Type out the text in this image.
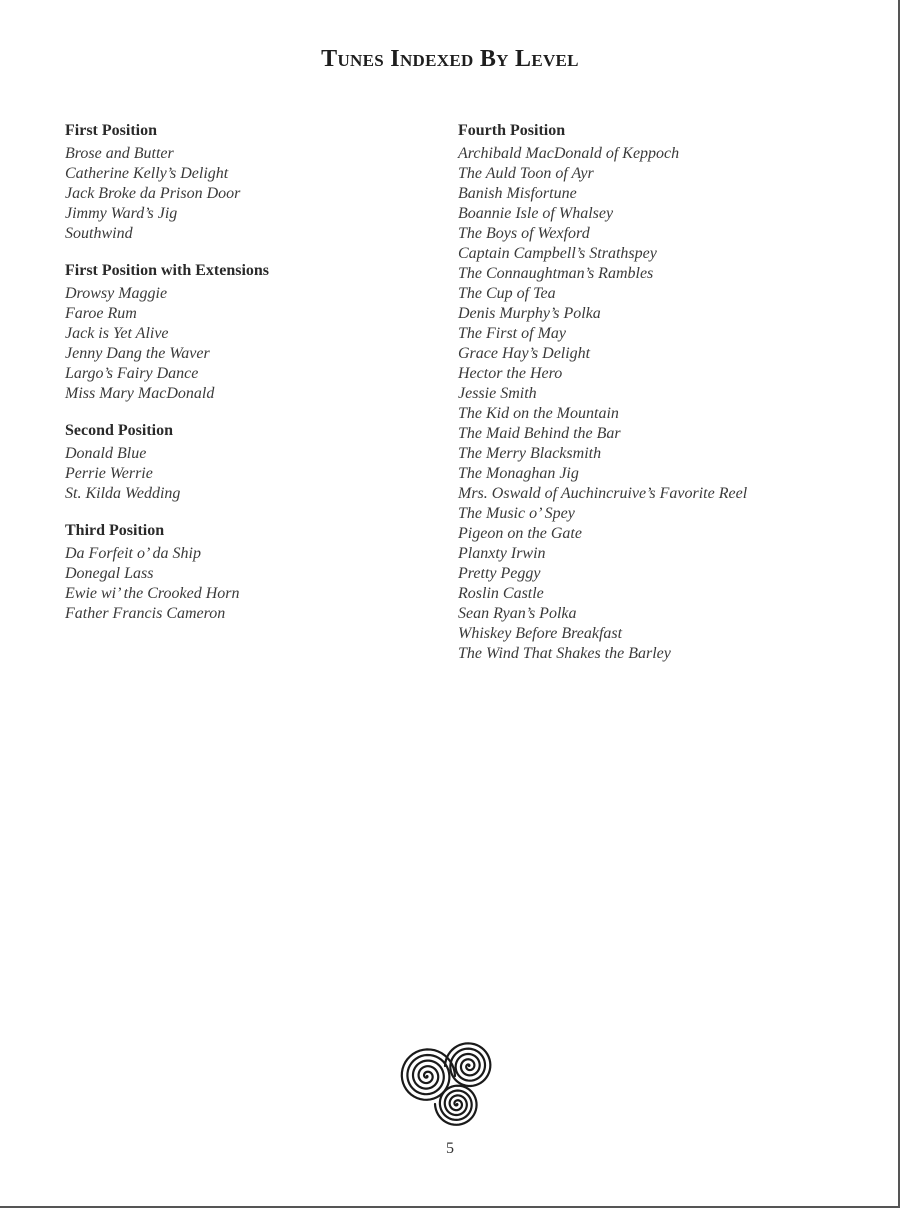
Tunes Indexed By Level
First Position
Brose and Butter
Catherine Kelly’s Delight
Jack Broke da Prison Door
Jimmy Ward’s Jig
Southwind
First Position with Extensions
Drowsy Maggie
Faroe Rum
Jack is Yet Alive
Jenny Dang the Waver
Largo’s Fairy Dance
Miss Mary MacDonald
Second Position
Donald Blue
Perrie Werrie
St. Kilda Wedding
Third Position
Da Forfeit o’ da Ship
Donegal Lass
Ewie wi’ the Crooked Horn
Father Francis Cameron
Fourth Position
Archibald MacDonald of Keppoch
The Auld Toon of Ayr
Banish Misfortune
Boannie Isle of Whalsey
The Boys of Wexford
Captain Campbell’s Strathspey
The Connaughtman’s Rambles
The Cup of Tea
Denis Murphy’s Polka
The First of May
Grace Hay’s Delight
Hector the Hero
Jessie Smith
The Kid on the Mountain
The Maid Behind the Bar
The Merry Blacksmith
The Monaghan Jig
Mrs. Oswald of Auchincruive’s Favorite Reel
The Music o’ Spey
Pigeon on the Gate
Planxty Irwin
Pretty Peggy
Roslin Castle
Sean Ryan’s Polka
Whiskey Before Breakfast
The Wind That Shakes the Barley
5
